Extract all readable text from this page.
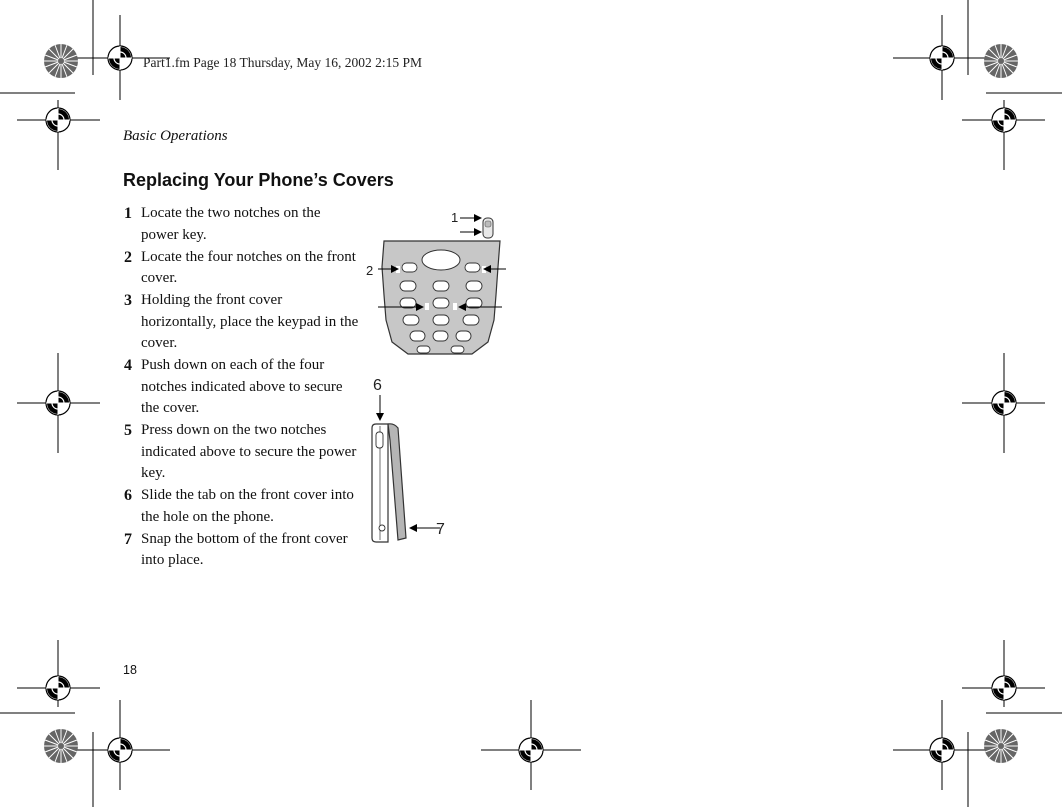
Part1.fm Page 18 Thursday, May 16, 2002 2:15 PM
Basic Operations
Replacing Your Phone’s Covers
1 Locate the two notches on the power key.
2 Locate the four notches on the front cover.
3 Holding the front cover horizontally, place the keypad in the cover.
4 Push down on each of the four notches indicated above to secure the cover.
5 Press down on the two notches indicated above to secure the power key.
6 Slide the tab on the front cover into the hole on the phone.
7 Snap the bottom of the front cover into place.
1
2
6
7
18
